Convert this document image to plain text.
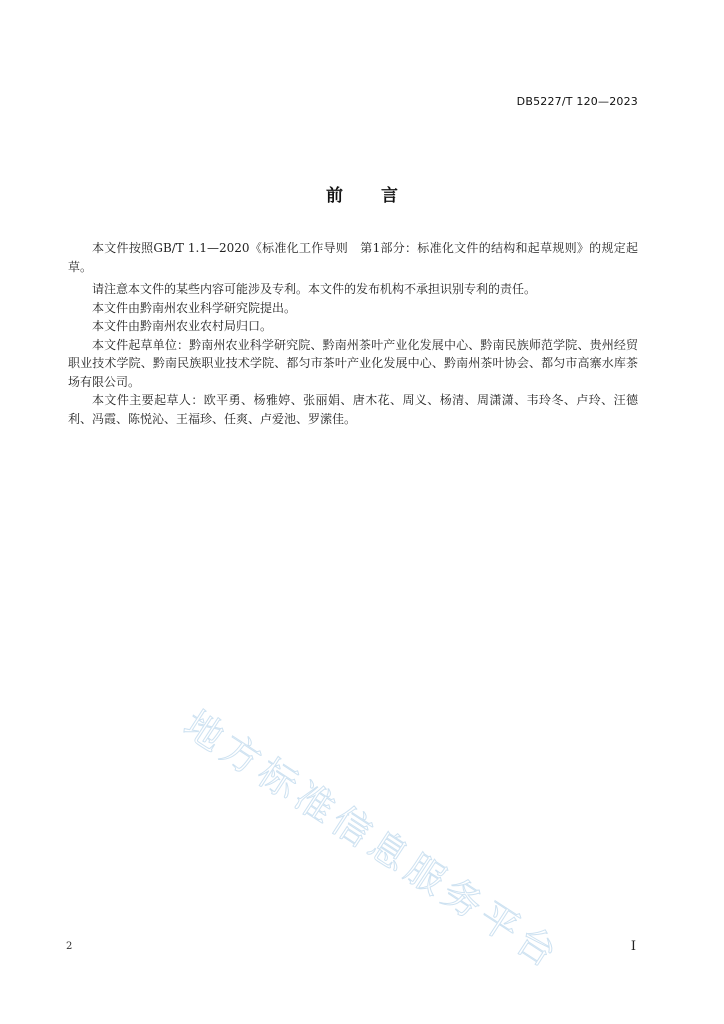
DB5227/T 120—2023
前 言

本文件按照GB/T 1.1—2020《标准化工作导则　第1部分：标准化文件的结构和起草规则》的规定起草。

请注意本文件的某些内容可能涉及专利。本文件的发布机构不承担识别专利的责任。

本文件由黔南州农业科学研究院提出。

本文件由黔南州农业农村局归口。

本文件起草单位：黔南州农业科学研究院、黔南州茶叶产业化发展中心、黔南民族师范学院、贵州经贸职业技术学院、黔南民族职业技术学院、都匀市茶叶产业化发展中心、黔南州茶叶协会、都匀市高寨水库茶场有限公司。

本文件主要起草人：欧平勇、杨雅婷、张丽娟、唐木花、周义、杨清、周潇潇、韦玲冬、卢玲、汪德利、冯霞、陈悦沁、王福珍、任爽、卢爱池、罗潆佳。

地方标准信息服务平台
2	I
